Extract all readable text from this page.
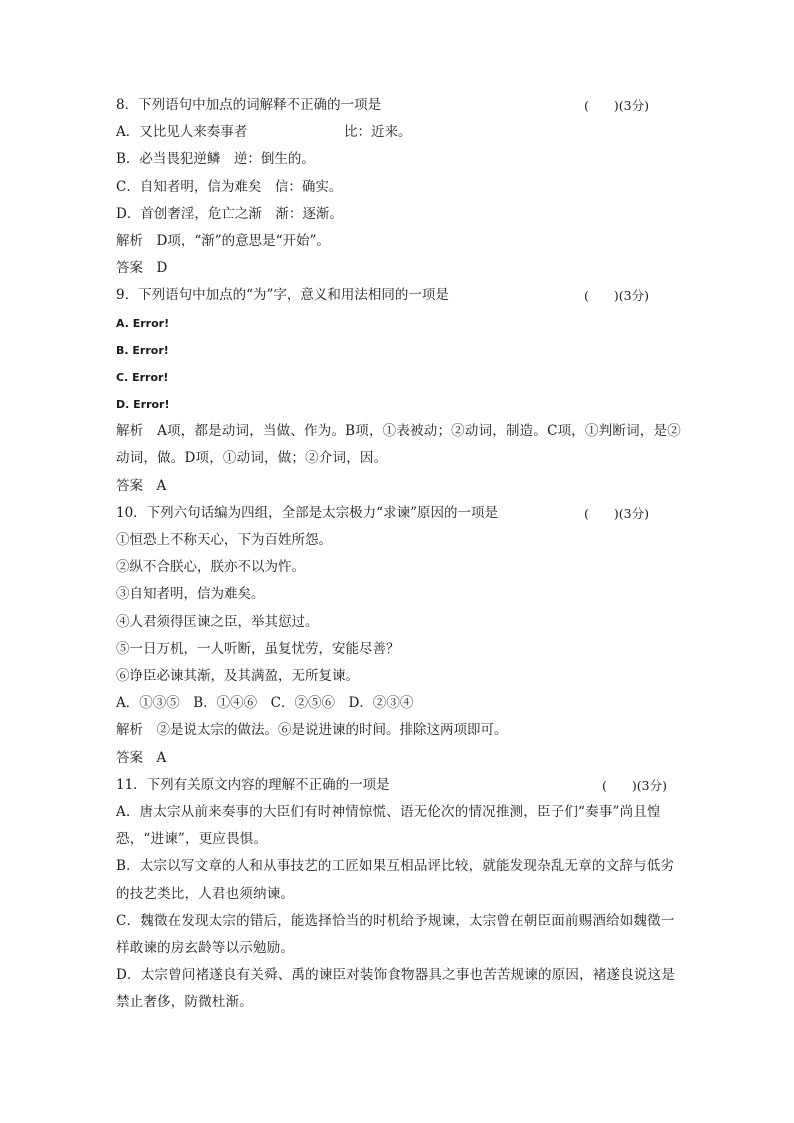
8．下列语句中加点的词解释不正确的一项是	(　　)(3分)
A．又比见人来奏事者	比：近来。
B．必当畏犯逆鳞　逆：倒生的。
C．自知者明，信为难矣　信：确实。
D．首创奢淫，危亡之渐　渐：逐渐。
解析　D项，“渐”的意思是“开始”。
答案　D
9．下列语句中加点的“为”字，意义和用法相同的一项是	(　　)(3分)
A. Error!
B. Error!
C. Error!
D. Error!
解析　A项，都是动词，当做、作为。B项，①表被动；②动词，制造。C项，①判断词，是②动词，做。D项，①动词，做；②介词，因。
答案　A
10．下列六句话编为四组，全部是太宗极力“求谏”原因的一项是	(　　)(3分)
①恒恐上不称天心，下为百姓所怨。
②纵不合朕心，朕亦不以为忤。
③自知者明，信为难矣。
④人君须得匡谏之臣，举其愆过。
⑤一日万机，一人听断，虽复忧劳，安能尽善？
⑥诤臣必谏其渐，及其满盈，无所复谏。
A．①③⑤　B．①④⑥　C．②⑤⑥　D．②③④
解析　②是说太宗的做法。⑥是说进谏的时间。排除这两项即可。
答案　A
11．下列有关原文内容的理解不正确的一项是	(　　)(3分)
A．唐太宗从前来奏事的大臣们有时神情惊慌、语无伦次的情况推测，臣子们“奏事”尚且惶恐，“进谏”，更应畏惧。
B．太宗以写文章的人和从事技艺的工匠如果互相品评比较，就能发现杂乱无章的文辞与低劣的技艺类比，人君也须纳谏。
C．魏徵在发现太宗的错后，能选择恰当的时机给予规谏，太宗曾在朝臣面前赐酒给如魏徵一样敢谏的房玄龄等以示勉励。
D．太宗曾问褚遂良有关舜、禹的谏臣对装饰食物器具之事也苦苦规谏的原因，褚遂良说这是禁止奢侈，防微杜渐。
